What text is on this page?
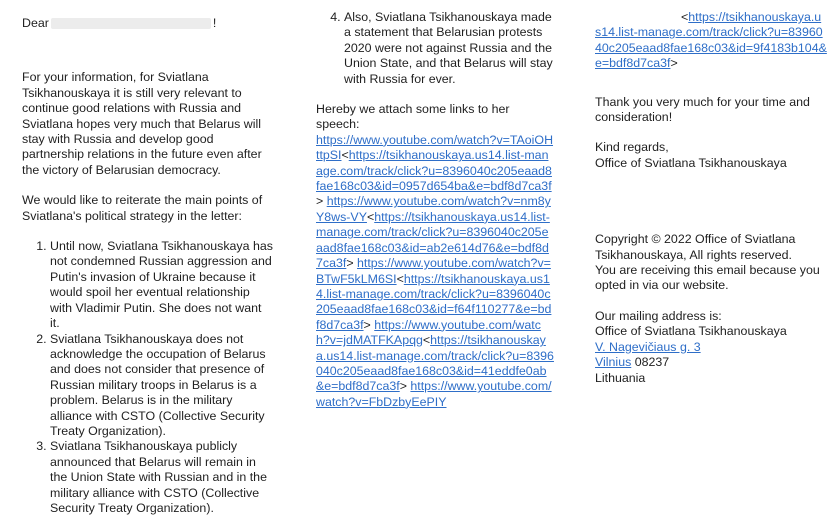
Dear	!

For your information, for Sviatlana Tsikhanouskaya it is still very relevant to continue good relations with Russia and Sviatlana hopes very much that Belarus will stay with Russia and develop good partnership relations in the future even after the victory of Belarusian democracy.

We would like to reiterate the main points of Sviatlana's political strategy in the letter:

1. Until now, Sviatlana Tsikhanouskaya has not condemned Russian aggression and Putin's invasion of Ukraine because it would spoil her eventual relationship with Vladimir Putin. She does not want it.
2. Sviatlana Tsikhanouskaya does not acknowledge the occupation of Belarus and does not consider that presence of Russian military troops in Belarus is a problem. Belarus is in the military alliance with CSTO (Collective Security Treaty Organization).
3. Sviatlana Tsikhanouskaya publicly announced that Belarus will remain in the Union State with Russian and in the military alliance with CSTO (Collective Security Treaty Organization).
4. Also, Sviatlana Tsikhanouskaya made a statement that Belarusian protests 2020 were not against Russia and the Union State, and that Belarus will stay with Russia for ever.

Hereby we attach some links to her speech:

https://www.youtube.com/watch?v=TAoiOHttpSI<https://tsikhanouskaya.us14.list-manage.com/track/click?u=8396040c205eaad8fae168c03&id=0957d654ba&e=bdf8d7ca3f> https://www.youtube.com/watch?v=nm8yY8ws-VY<https://tsikhanouskaya.us14.list-manage.com/track/click?u=8396040c205eaad8fae168c03&id=ab2e614d76&e=bdf8d7ca3f> https://www.youtube.com/watch?v=BTwF5kLM6SI<https://tsikhanouskaya.us14.list-manage.com/track/click?u=8396040c205eaad8fae168c03&id=f64f110277&e=bdf8d7ca3f> https://www.youtube.com/watch?v=jdMATFKApqg<https://tsikhanouskaya.us14.list-manage.com/track/click?u=8396040c205eaad8fae168c03&id=41eddfe0ab&e=bdf8d7ca3f> https://www.youtube.com/watch?v=FbDzbyEePIY
<https://tsikhanouskaya.us14.list-manage.com/track/click?u=8396040c205eaad8fae168c03&id=9f4183b104&e=bdf8d7ca3f>

Thank you very much for your time and consideration!

Kind regards,

Office of Sviatlana Tsikhanouskaya

Copyright © 2022 Office of Sviatlana Tsikhanouskaya, All rights reserved.

You are receiving this email because you opted in via our website.

Our mailing address is:

Office of Sviatlana Tsikhanouskaya

V. Nagevičiaus g. 3

Vilnius 08237

Lithuania
